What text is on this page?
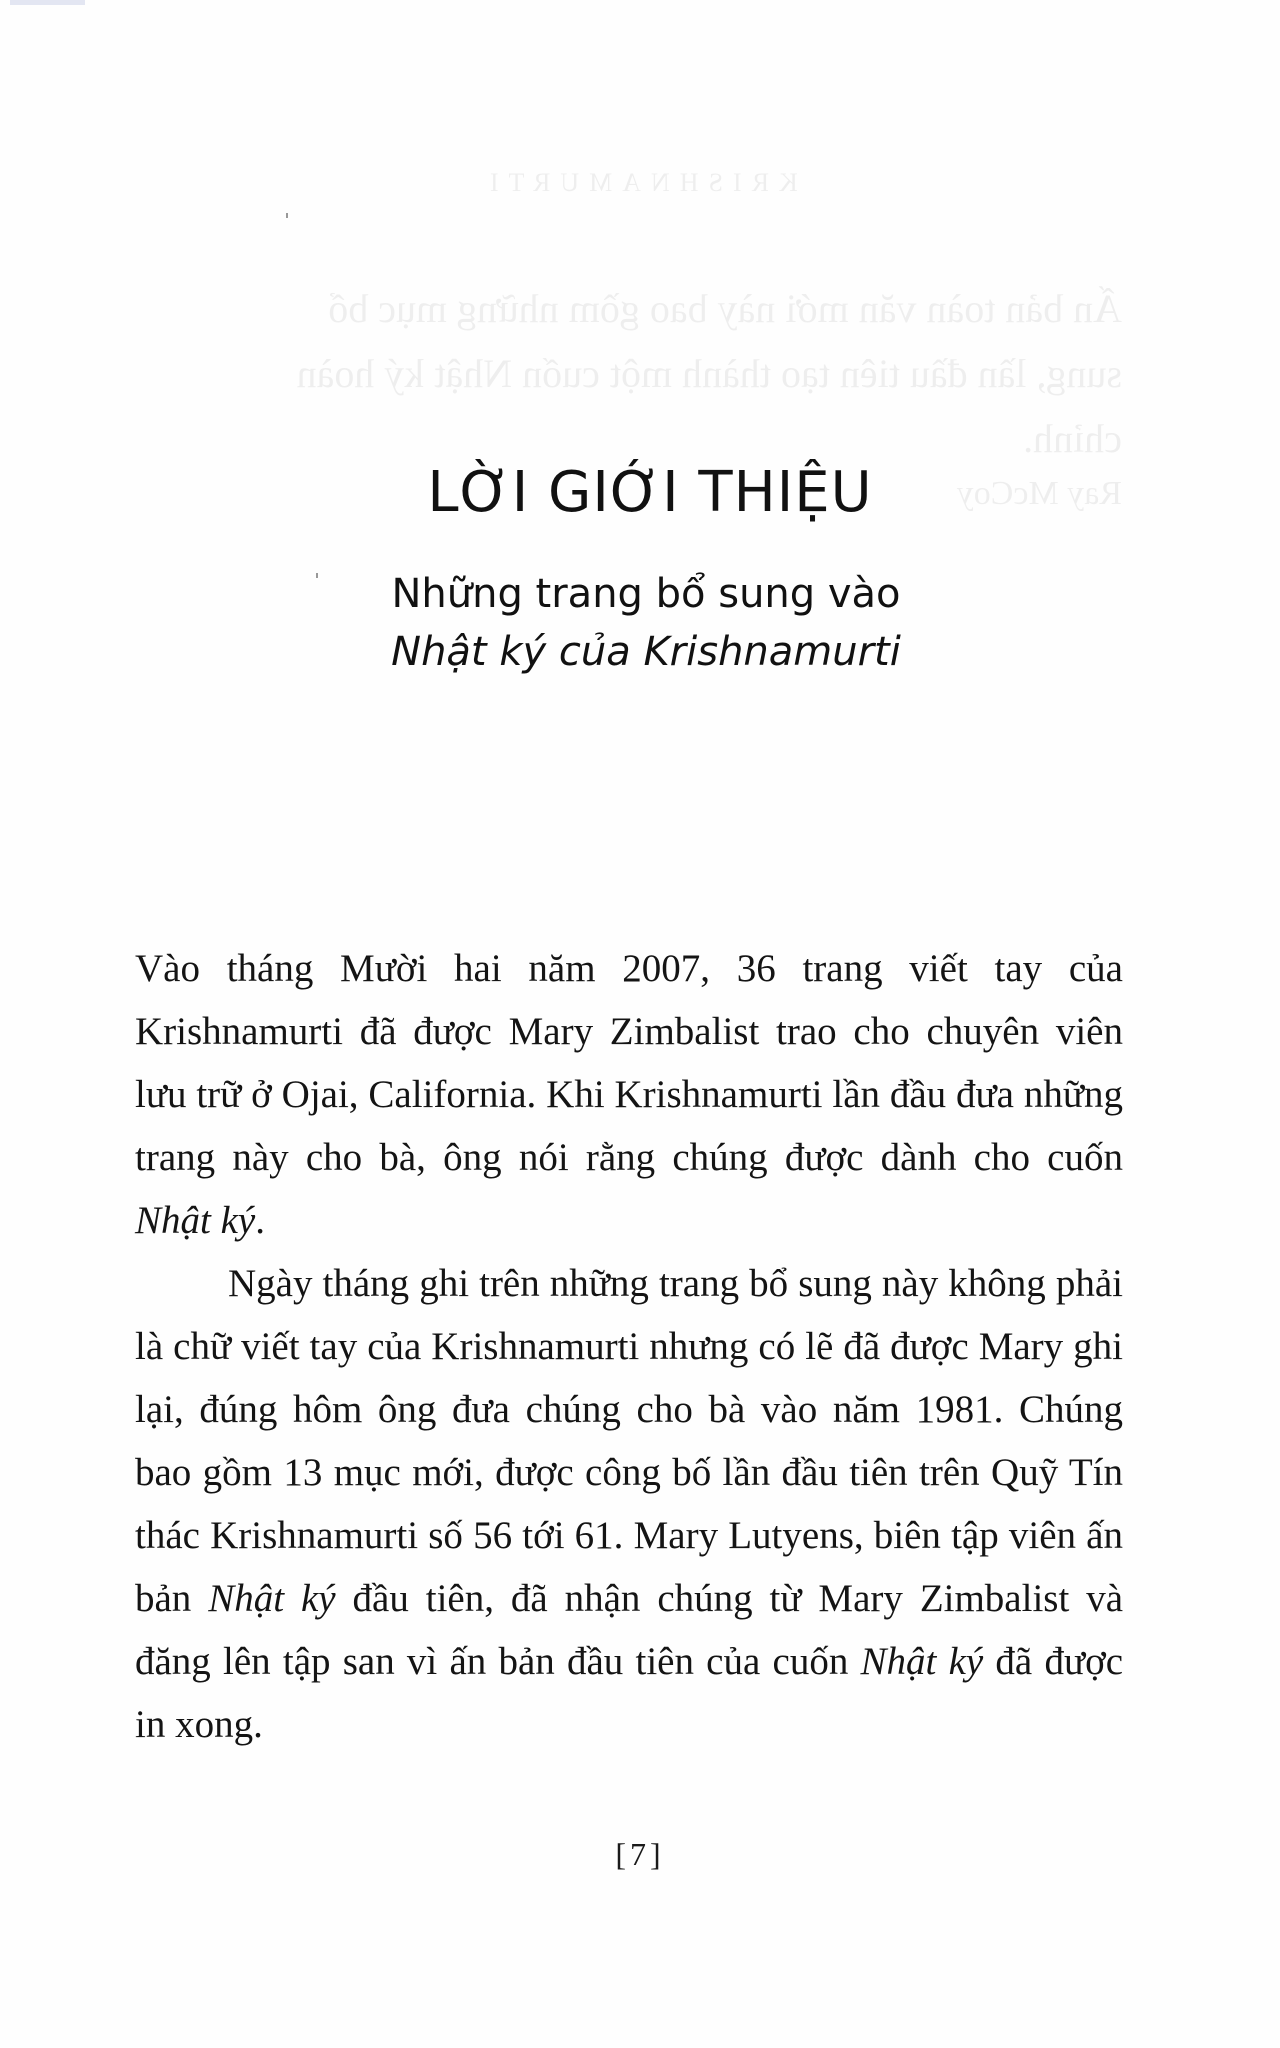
KRISHNAMURTI
Ấn bản toàn văn mới này bao gồm những mục bổ
sung, lần đầu tiên tạo thành một cuốn Nhật ký hoàn
chỉnh.
Ray McCoy
LỜI GIỚI THIỆU
Những trang bổ sung vào
Nhật ký của Krishnamurti

Vào tháng Mười hai năm 2007, 36 trang viết tay của Krishnamurti đã được Mary Zimbalist trao cho chuyên viên lưu trữ ở Ojai, California. Khi Krishnamurti lần đầu đưa những trang này cho bà, ông nói rằng chúng được dành cho cuốn Nhật ký.

Ngày tháng ghi trên những trang bổ sung này không phải là chữ viết tay của Krishnamurti nhưng có lẽ đã được Mary ghi lại, đúng hôm ông đưa chúng cho bà vào năm 1981. Chúng bao gồm 13 mục mới, được công bố lần đầu tiên trên Quỹ Tín thác Krishnamurti số 56 tới 61. Mary Lutyens, biên tập viên ấn bản Nhật ký đầu tiên, đã nhận chúng từ Mary Zimbalist và đăng lên tập san vì ấn bản đầu tiên của cuốn Nhật ký đã được in xong.

[7]
